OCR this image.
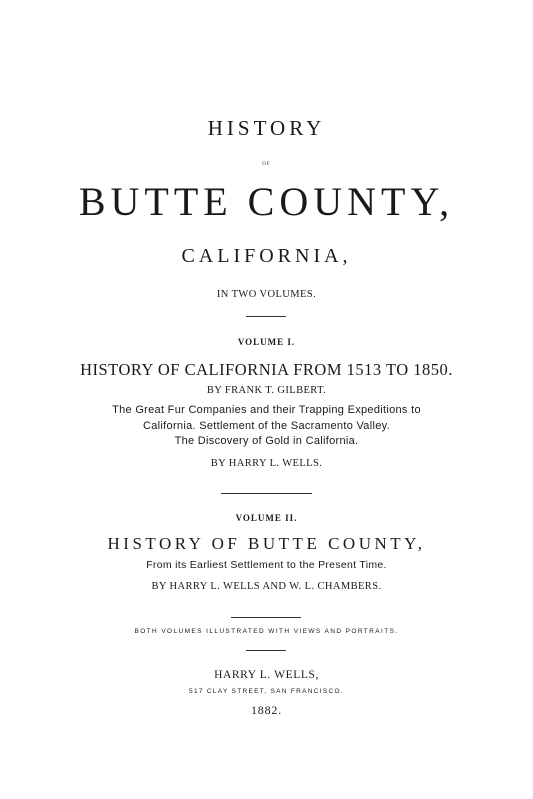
HISTORY
OF
BUTTE COUNTY,
CALIFORNIA,
IN TWO VOLUMES.
VOLUME I.
HISTORY OF CALIFORNIA FROM 1513 TO 1850.
BY FRANK T. GILBERT.
The Great Fur Companies and their Trapping Expeditions to
California. Settlement of the Sacramento Valley.
The Discovery of Gold in California.
BY HARRY L. WELLS.
VOLUME II.
HISTORY OF BUTTE COUNTY,
From its Earliest Settlement to the Present Time.
BY HARRY L. WELLS AND W. L. CHAMBERS.
BOTH VOLUMES ILLUSTRATED WITH VIEWS AND PORTRAITS.
HARRY L. WELLS,
517 CLAY STREET, SAN FRANCISCO.
1882.
